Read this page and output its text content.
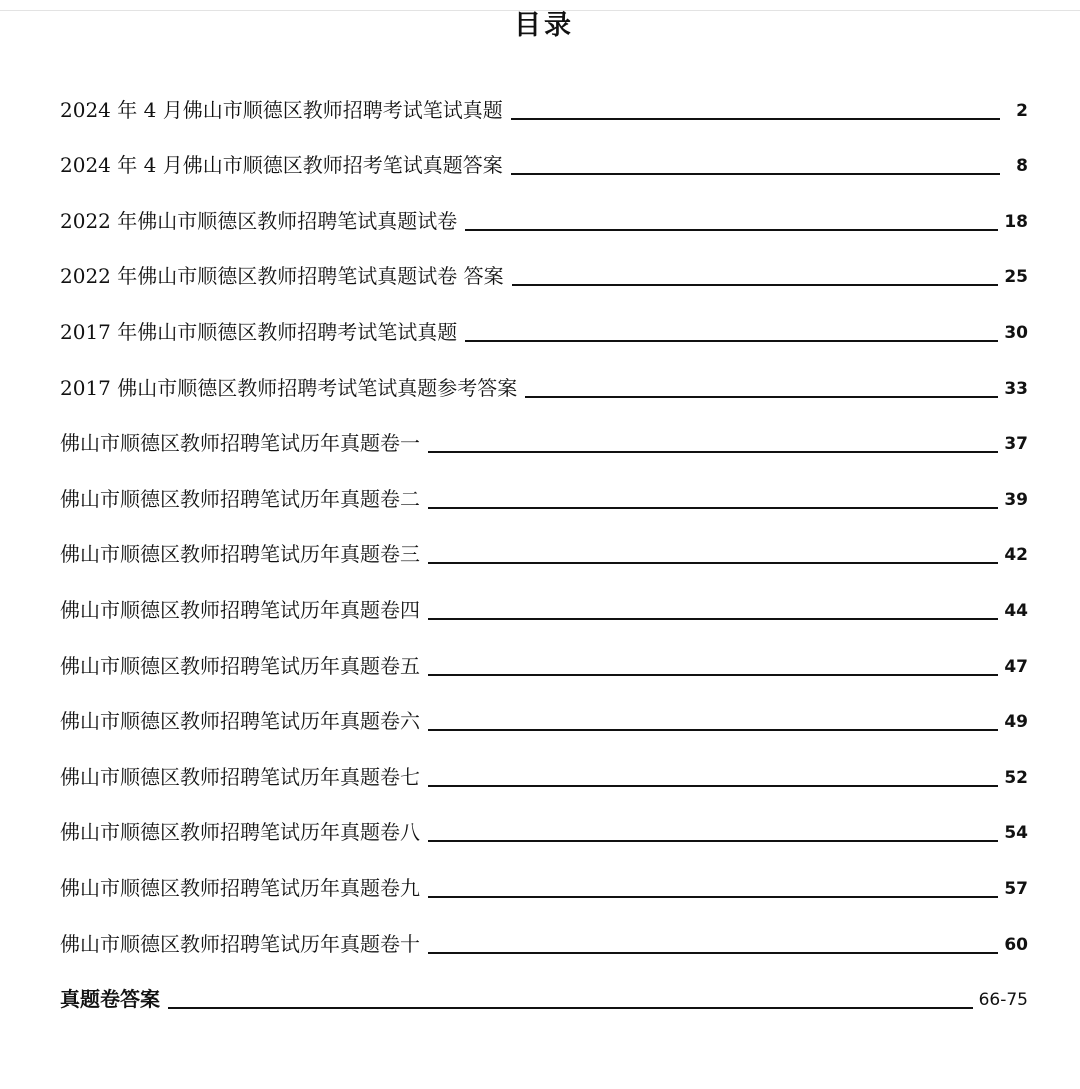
目录
2024 年 4 月佛山市顺德区教师招聘考试笔试真题	2
2024 年 4 月佛山市顺德区教师招考笔试真题答案	8
2022 年佛山市顺德区教师招聘笔试真题试卷	18
2022 年佛山市顺德区教师招聘笔试真题试卷 答案	25
2017 年佛山市顺德区教师招聘考试笔试真题	30
2017 佛山市顺德区教师招聘考试笔试真题参考答案	33
佛山市顺德区教师招聘笔试历年真题卷一	37
佛山市顺德区教师招聘笔试历年真题卷二	39
佛山市顺德区教师招聘笔试历年真题卷三	42
佛山市顺德区教师招聘笔试历年真题卷四	44
佛山市顺德区教师招聘笔试历年真题卷五	47
佛山市顺德区教师招聘笔试历年真题卷六	49
佛山市顺德区教师招聘笔试历年真题卷七	52
佛山市顺德区教师招聘笔试历年真题卷八	54
佛山市顺德区教师招聘笔试历年真题卷九	57
佛山市顺德区教师招聘笔试历年真题卷十	60
真题卷答案	66-75
